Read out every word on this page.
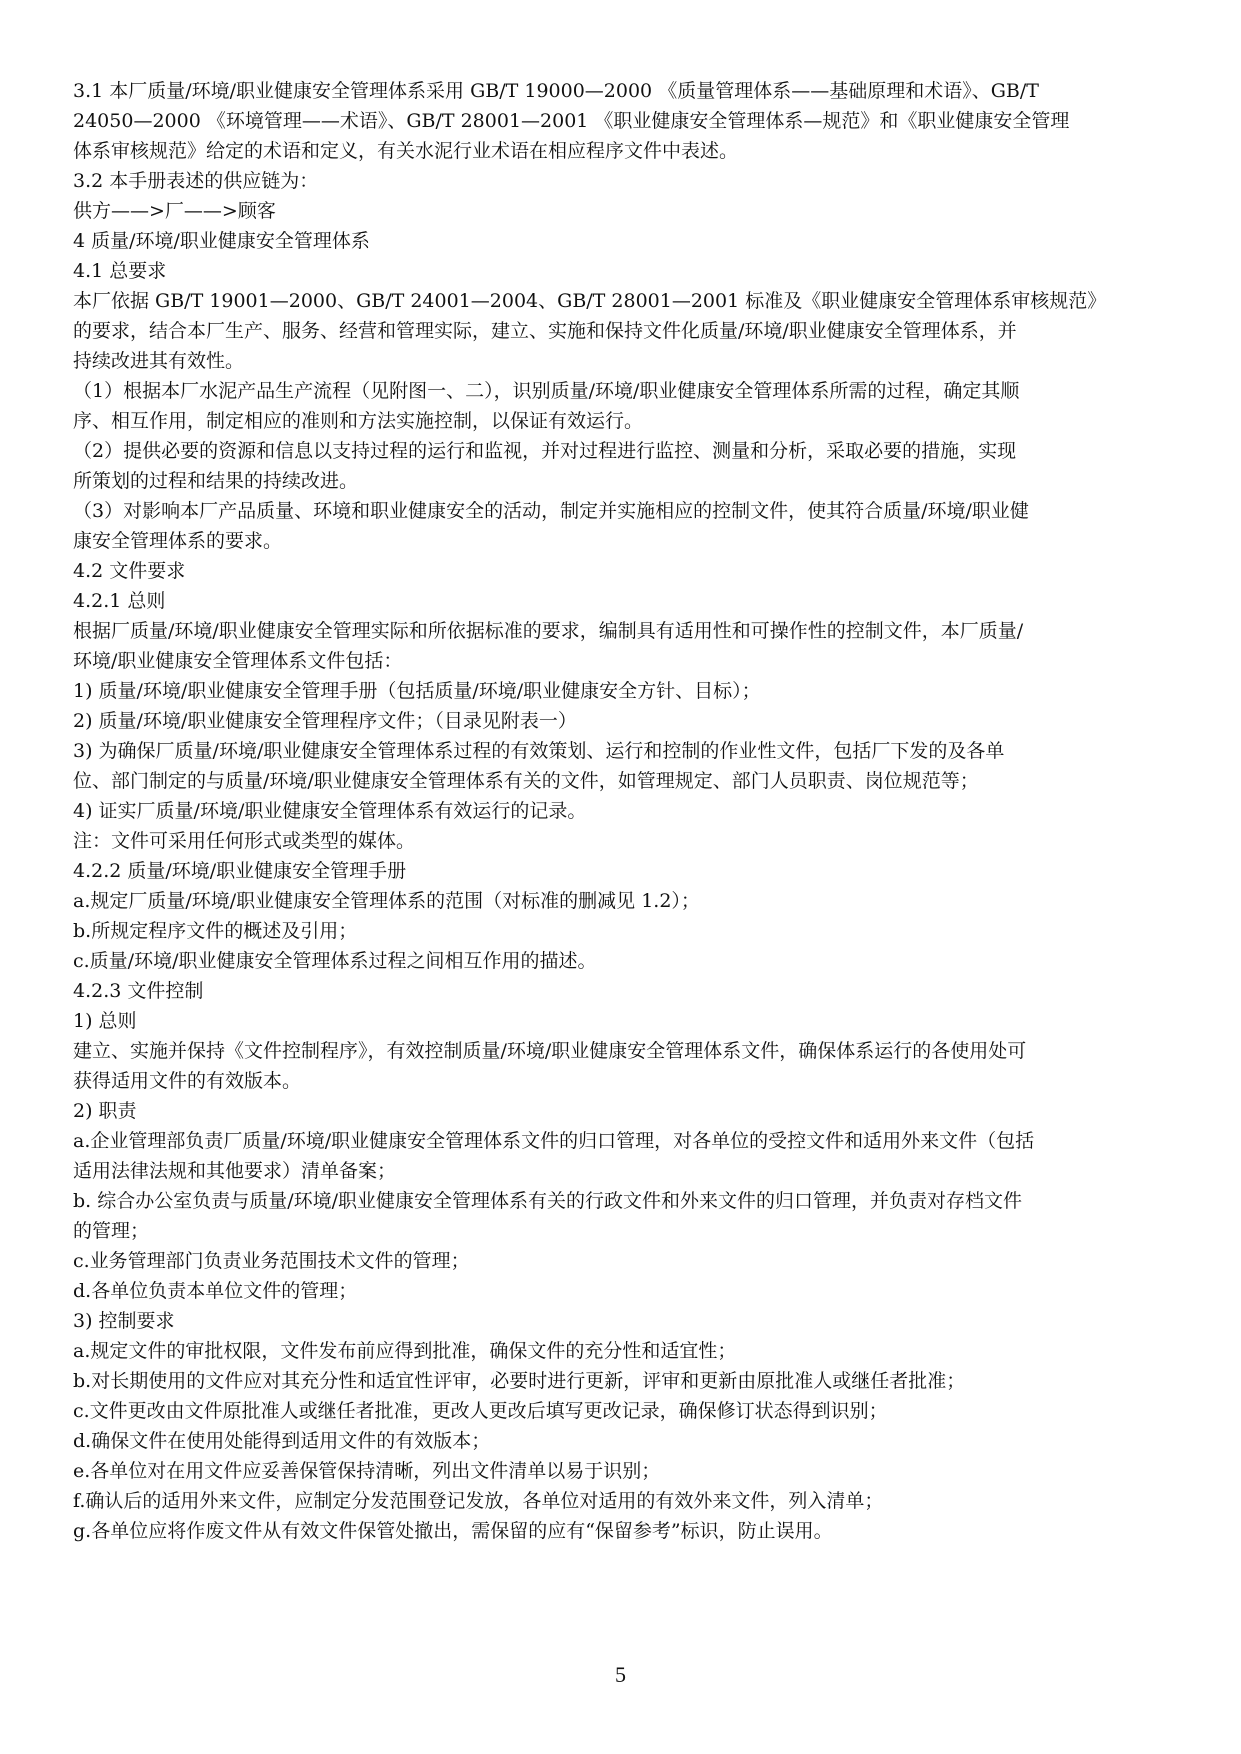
3.1 本厂质量/环境/职业健康安全管理体系采用 GB/T 19000—2000 《质量管理体系——基础原理和术语》、GB/T
24050—2000 《环境管理——术语》、GB/T 28001—2001 《职业健康安全管理体系—规范》和《职业健康安全管理
体系审核规范》给定的术语和定义，有关水泥行业术语在相应程序文件中表述。
3.2 本手册表述的供应链为：
供方——>厂——>顾客
4 质量/环境/职业健康安全管理体系
4.1 总要求
本厂依据 GB/T 19001—2000、GB/T 24001—2004、GB/T 28001—2001 标准及《职业健康安全管理体系审核规范》
的要求，结合本厂生产、服务、经营和管理实际，建立、实施和保持文件化质量/环境/职业健康安全管理体系，并
持续改进其有效性。
（1）根据本厂水泥产品生产流程（见附图一、二），识别质量/环境/职业健康安全管理体系所需的过程，确定其顺
序、相互作用，制定相应的准则和方法实施控制，以保证有效运行。
（2）提供必要的资源和信息以支持过程的运行和监视，并对过程进行监控、测量和分析，采取必要的措施，实现
所策划的过程和结果的持续改进。
（3）对影响本厂产品质量、环境和职业健康安全的活动，制定并实施相应的控制文件，使其符合质量/环境/职业健
康安全管理体系的要求。
4.2 文件要求
4.2.1 总则
根据厂质量/环境/职业健康安全管理实际和所依据标准的要求，编制具有适用性和可操作性的控制文件，本厂质量/
环境/职业健康安全管理体系文件包括：
1) 质量/环境/职业健康安全管理手册（包括质量/环境/职业健康安全方针、目标）；
2) 质量/环境/职业健康安全管理程序文件；（目录见附表一）
3) 为确保厂质量/环境/职业健康安全管理体系过程的有效策划、运行和控制的作业性文件，包括厂下发的及各单
位、部门制定的与质量/环境/职业健康安全管理体系有关的文件，如管理规定、部门人员职责、岗位规范等；
4) 证实厂质量/环境/职业健康安全管理体系有效运行的记录。
注：文件可采用任何形式或类型的媒体。
4.2.2 质量/环境/职业健康安全管理手册
a.规定厂质量/环境/职业健康安全管理体系的范围（对标准的删减见 1.2）；
b.所规定程序文件的概述及引用；
c.质量/环境/职业健康安全管理体系过程之间相互作用的描述。
4.2.3 文件控制
1) 总则
建立、实施并保持《文件控制程序》，有效控制质量/环境/职业健康安全管理体系文件，确保体系运行的各使用处可
获得适用文件的有效版本。
2) 职责
a.企业管理部负责厂质量/环境/职业健康安全管理体系文件的归口管理，对各单位的受控文件和适用外来文件（包括
适用法律法规和其他要求）清单备案；
b. 综合办公室负责与质量/环境/职业健康安全管理体系有关的行政文件和外来文件的归口管理，并负责对存档文件
的管理；
c.业务管理部门负责业务范围技术文件的管理；
d.各单位负责本单位文件的管理；
3) 控制要求
a.规定文件的审批权限，文件发布前应得到批准，确保文件的充分性和适宜性；
b.对长期使用的文件应对其充分性和适宜性评审，必要时进行更新，评审和更新由原批准人或继任者批准；
c.文件更改由文件原批准人或继任者批准，更改人更改后填写更改记录，确保修订状态得到识别；
d.确保文件在使用处能得到适用文件的有效版本；
e.各单位对在用文件应妥善保管保持清晰，列出文件清单以易于识别；
f.确认后的适用外来文件，应制定分发范围登记发放，各单位对适用的有效外来文件，列入清单；
g.各单位应将作废文件从有效文件保管处撤出，需保留的应有“保留参考”标识，防止误用。
5
